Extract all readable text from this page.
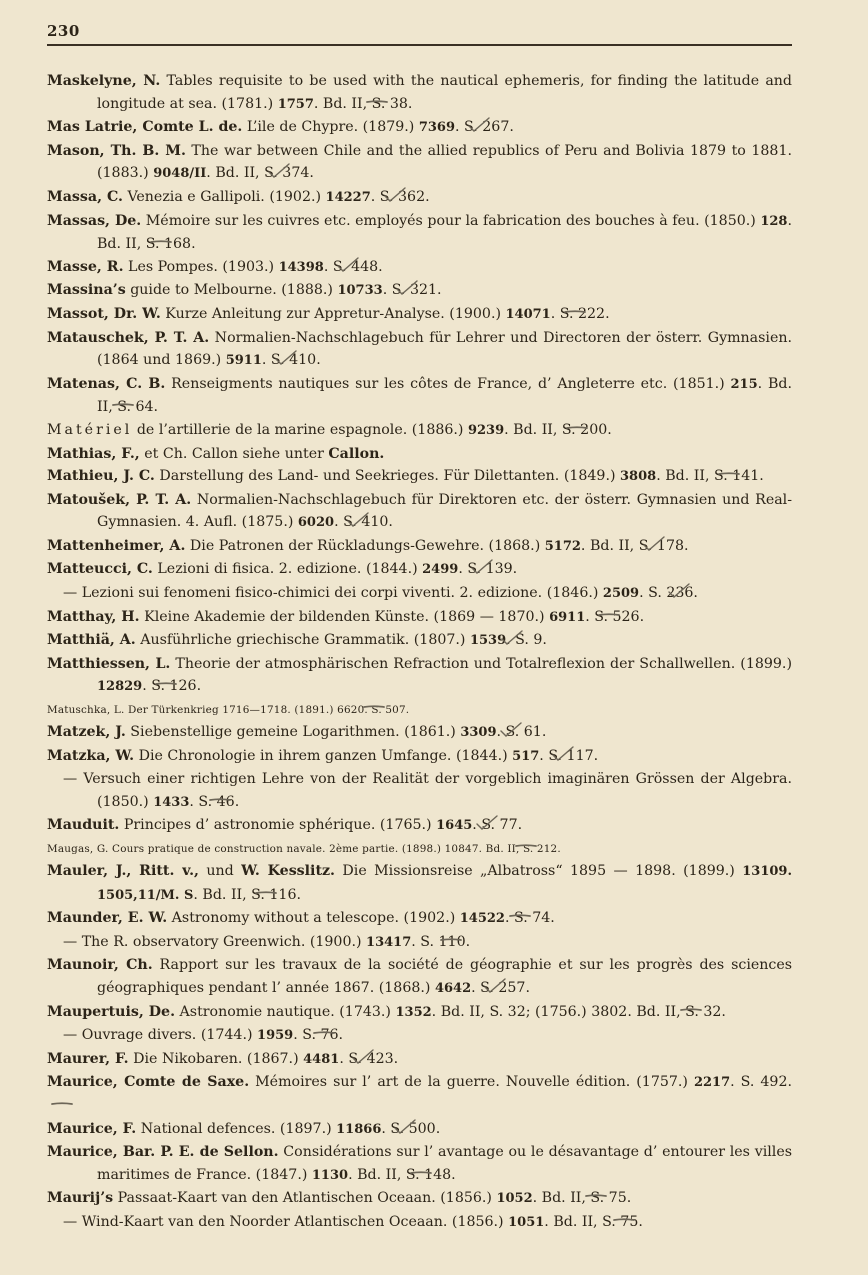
230

Maskelyne, N. Tables requisite to be used with the nautical ephemeris, for finding the latitude and longitude at sea. (1781.) 1757. Bd. II, S. 38.

Mas Latrie, Comte L. de. L’ile de Chypre. (1879.) 7369. S. 267.

Mason, Th. B. M. The war between Chile and the allied republics of Peru and Bolivia 1879 to 1881. (1883.) 9048/II. Bd. II, S. 374.

Massa, C. Venezia e Gallipoli. (1902.) 14227. S. 362.

Massas, De. Mémoire sur les cuivres etc. employés pour la fabrication des bouches à feu. (1850.) 128. Bd. II, S. 168.

Masse, R. Les Pompes. (1903.) 14398. S. 448.

Massina’s guide to Melbourne. (1888.) 10733. S. 321.

Massot, Dr. W. Kurze Anleitung zur Appretur-Analyse. (1900.) 14071. S. 222.

Matauschek, P. T. A. Normalien-Nachschlagebuch für Lehrer und Directoren der österr. Gymnasien. (1864 und 1869.) 5911. S. 410.

Matenas, C. B. Renseigments nautiques sur les côtes de France, d’ Angleterre etc. (1851.) 215. Bd. II, S. 64.

Matériel de l’artillerie de la marine espagnole. (1886.) 9239. Bd. II, S. 200.

Mathias, F., et Ch. Callon siehe unter Callon.

Mathieu, J. C. Darstellung des Land- und Seekrieges. Für Dilettanten. (1849.) 3808. Bd. II, S. 141.

Matoušek, P. T. A. Normalien-Nachschlagebuch für Direktoren etc. der österr. Gymnasien und Real-Gymnasien. 4. Aufl. (1875.) 6020. S. 410.

Mattenheimer, A. Die Patronen der Rückladungs-Gewehre. (1868.) 5172. Bd. II, S. 178.

Matteucci, C. Lezioni di fisica. 2. edizione. (1844.) 2499. S. 139.

— Lezioni sui fenomeni fisico-chimici dei corpi viventi. 2. edizione. (1846.) 2509. S. 236.

Matthay, H. Kleine Akademie der bildenden Künste. (1869 — 1870.) 6911. S. 526.

Matthiä, A. Ausführliche griechische Grammatik. (1807.) 1539. S. 9.

Matthiessen, L. Theorie der atmosphärischen Refraction und Totalreflexion der Schallwellen. (1899.) 12829. S. 126.

Matuschka, L. Der Türkenkrieg 1716—1718. (1891.) 6620. S. 507.

Matzek, J. Siebenstellige gemeine Logarithmen. (1861.) 3309. S. 61.

Matzka, W. Die Chronologie in ihrem ganzen Umfange. (1844.) 517. S. 117.

— Versuch einer richtigen Lehre von der Realität der vorgeblich imaginären Grössen der Algebra. (1850.) 1433. S. 46.

Mauduit. Principes d’ astronomie sphérique. (1765.) 1645. S. 77.

Maugas, G. Cours pratique de construction navale. 2ème partie. (1898.) 10847. Bd. II, S. 212.

Mauler, J., Ritt. v., und W. Kesslitz. Die Missionsreise „Albatross“ 1895 — 1898. (1899.) 13109. 1505,11/M. S. Bd. II, S. 116.

Maunder, E. W. Astronomy without a telescope. (1902.) 14522. S. 74.

— The R. observatory Greenwich. (1900.) 13417. S. 110.

Maunoir, Ch. Rapport sur les travaux de la société de géographie et sur les progrès des sciences géographiques pendant l’ année 1867. (1868.) 4642. S. 257.

Maupertuis, De. Astronomie nautique. (1743.) 1352. Bd. II, S. 32; (1756.) 3802. Bd. II, S. 32.

— Ouvrage divers. (1744.) 1959. S. 76.

Maurer, F. Die Nikobaren. (1867.) 4481. S. 423.

Maurice, Comte de Saxe. Mémoires sur l’ art de la guerre. Nouvelle édition. (1757.) 2217. S. 492.

Maurice, F. National defences. (1897.) 11866. S. 500.

Maurice, Bar. P. E. de Sellon. Considérations sur l’ avantage ou le désavantage d’ entourer les villes maritimes de France. (1847.) 1130. Bd. II, S. 148.

Maurij’s Passaat-Kaart van den Atlantischen Oceaan. (1856.) 1052. Bd. II, S. 75.

— Wind-Kaart van den Noorder Atlantischen Oceaan. (1856.) 1051. Bd. II, S. 75.
